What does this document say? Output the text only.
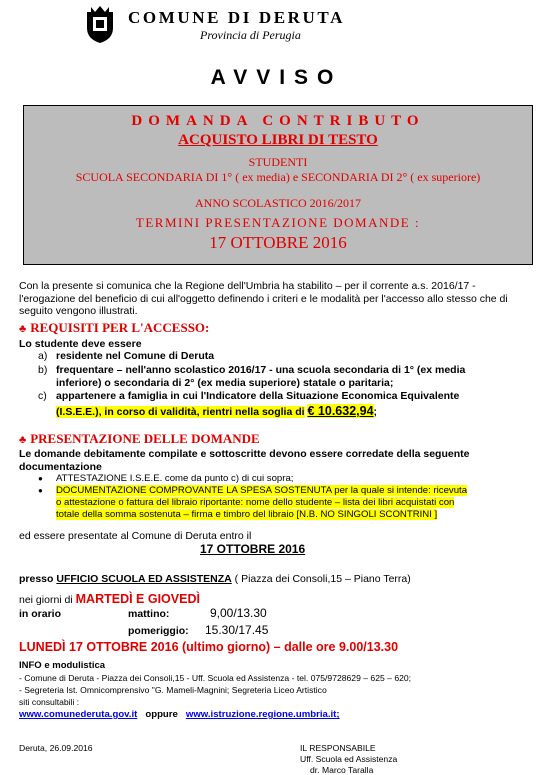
COMUNE DI DERUTA
Provincia di Perugia
AVVISO
DOMANDA CONTRIBUTO
ACQUISTO LIBRI DI TESTO
STUDENTI
SCUOLA SECONDARIA DI 1° ( ex media) e SECONDARIA DI 2° ( ex superiore)
ANNO SCOLASTICO 2016/2017
TERMINI PRESENTAZIONE DOMANDE :
17 OTTOBRE 2016
Con la presente si comunica che la Regione dell'Umbria ha stabilito – per il corrente a.s. 2016/17 - l'erogazione del beneficio di cui all'oggetto definendo i criteri e le modalità per l'accesso allo stesso che di seguito vengono illustrati.
♣ REQUISITI PER L'ACCESSO:
Lo studente deve essere
a) residente nel Comune di Deruta
b) frequentare – nell'anno scolastico 2016/17 - una scuola secondaria di 1° (ex media
inferiore) o secondaria di 2° (ex media superiore) statale o paritaria;
c) appartenere a famiglia in cui l'Indicatore della Situazione Economica Equivalente
(I.S.E.E.), in corso di validità, rientri nella soglia di € 10.632,94;
♣ PRESENTAZIONE DELLE DOMANDE
Le domande debitamente compilate e sottoscritte devono essere corredate della seguente
documentazione
● ATTESTAZIONE I.S.E.E. come da punto c) di cui sopra;
● DOCUMENTAZIONE COMPROVANTE LA SPESA SOSTENUTA per la quale si intende: ricevuta
o attestazione o fattura del libraio riportante: nome dello studente – lista dei libri acquistati con
totale della somma sostenuta – firma e timbro del libraio [N.B. NO SINGOLI SCONTRINI ]
ed essere presentate al Comune di Deruta entro il
17 OTTOBRE 2016
presso UFFICIO SCUOLA ED ASSISTENZA ( Piazza dei Consoli,15 – Piano Terra)
nei giorni di MARTEDÌ E GIOVEDÌ
in orario	mattino:	9,00/13.30
pomeriggio: 15.30/17.45
LUNEDÌ 17 OTTOBRE 2016 (ultimo giorno) – dalle ore 9.00/13.30
INFO e modulistica
- Comune di Deruta - Piazza dei Consoli,15 - Uff. Scuola ed Assistenza - tel. 075/9728629 – 625 – 620;
- Segreteria Ist. Omnicomprensivo "G. Mameli-Magnini; Segreteria Liceo Artistico
siti consultabili :
www.comunederuta.gov.it oppure www.istruzione.regione.umbria.it;
Deruta, 26.09.2016	IL RESPONSABILE
Uff. Scuola ed Assistenza
dr. Marco Taralla
